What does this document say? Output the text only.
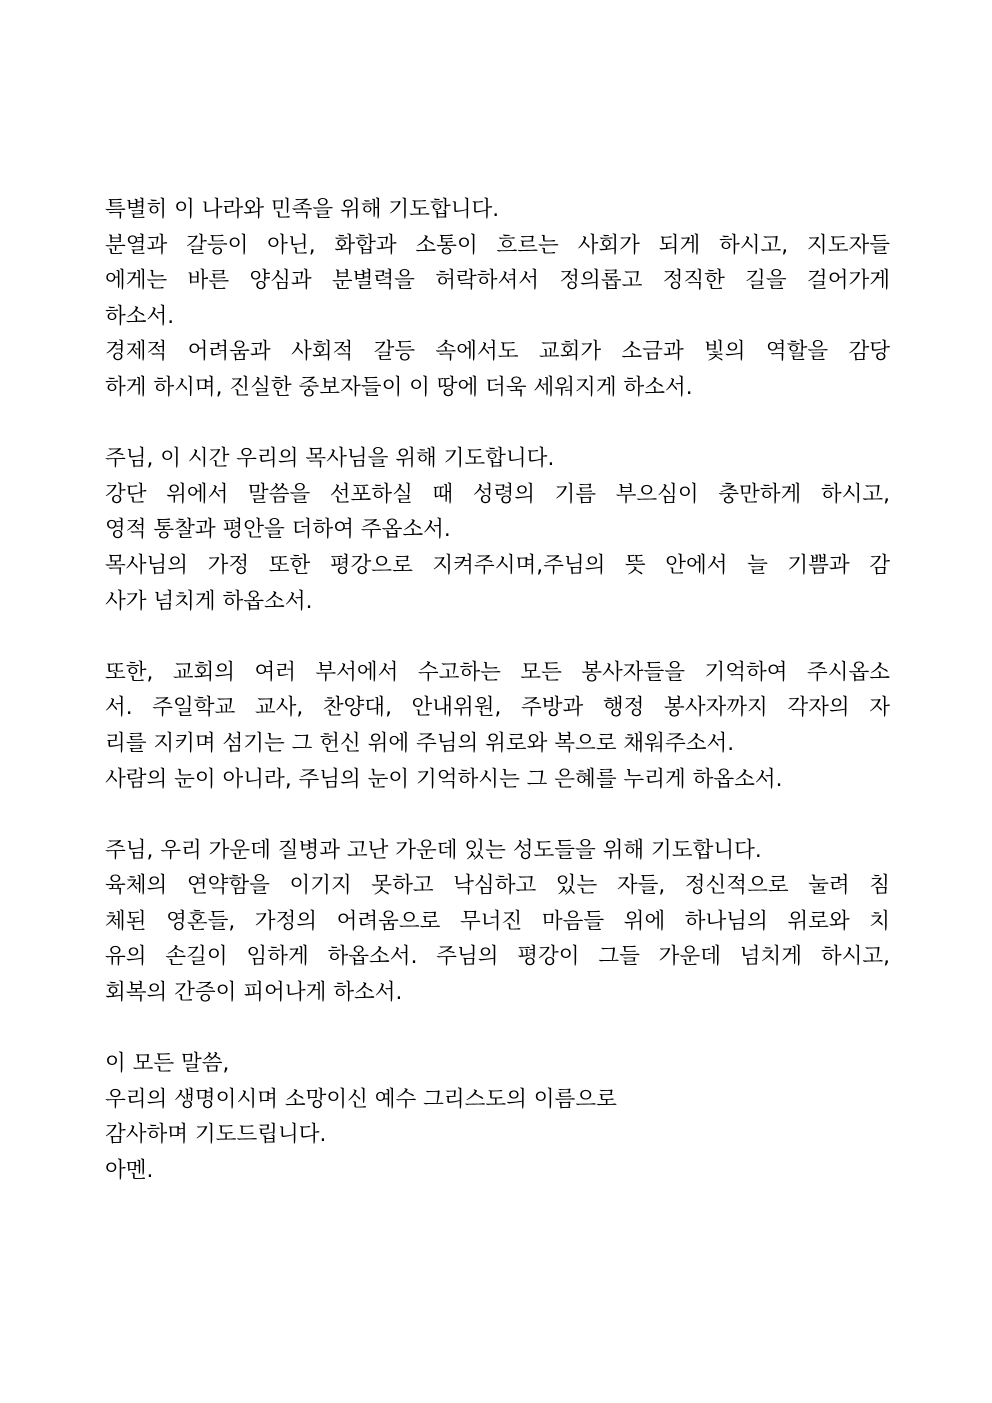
특별히 이 나라와 민족을 위해 기도합니다.
분열과 갈등이 아닌, 화합과 소통이 흐르는 사회가 되게 하시고, 지도자들
에게는 바른 양심과 분별력을 허락하셔서 정의롭고 정직한 길을 걸어가게
하소서.
경제적 어려움과 사회적 갈등 속에서도 교회가 소금과 빛의 역할을 감당
하게 하시며, 진실한 중보자들이 이 땅에 더욱 세워지게 하소서.
주님, 이 시간 우리의 목사님을 위해 기도합니다.
강단 위에서 말씀을 선포하실 때 성령의 기름 부으심이 충만하게 하시고,
영적 통찰과 평안을 더하여 주옵소서.
목사님의 가정 또한 평강으로 지켜주시며,주님의 뜻 안에서 늘 기쁨과 감
사가 넘치게 하옵소서.
또한, 교회의 여러 부서에서 수고하는 모든 봉사자들을 기억하여 주시옵소
서. 주일학교 교사, 찬양대, 안내위원, 주방과 행정 봉사자까지 각자의 자
리를 지키며 섬기는 그 헌신 위에 주님의 위로와 복으로 채워주소서.
사람의 눈이 아니라, 주님의 눈이 기억하시는 그 은혜를 누리게 하옵소서.
주님, 우리 가운데 질병과 고난 가운데 있는 성도들을 위해 기도합니다.
육체의 연약함을 이기지 못하고 낙심하고 있는 자들, 정신적으로 눌려 침
체된 영혼들, 가정의 어려움으로 무너진 마음들 위에 하나님의 위로와 치
유의 손길이 임하게 하옵소서. 주님의 평강이 그들 가운데 넘치게 하시고,
회복의 간증이 피어나게 하소서.
이 모든 말씀,
우리의 생명이시며 소망이신 예수 그리스도의 이름으로
감사하며 기도드립니다.
아멘.
